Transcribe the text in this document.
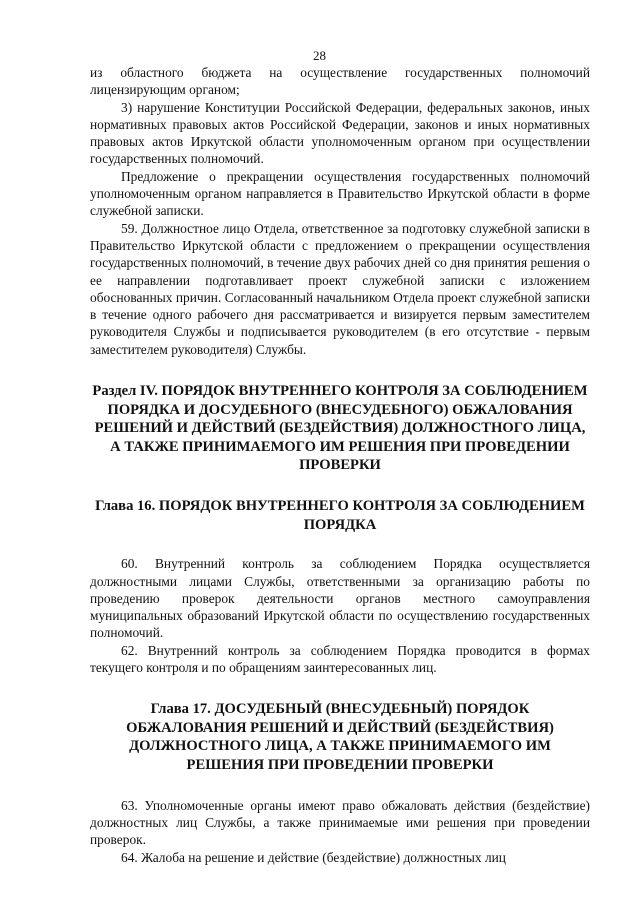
28

из областного бюджета на осуществление государственных полномочий лицензирующим органом;

3) нарушение Конституции Российской Федерации, федеральных законов, иных нормативных правовых актов Российской Федерации, законов и иных нормативных правовых актов Иркутской области уполномоченным органом при осуществлении государственных полномочий.

Предложение о прекращении осуществления государственных полномочий уполномоченным органом направляется в Правительство Иркутской области в форме служебной записки.

59. Должностное лицо Отдела, ответственное за подготовку служебной записки в Правительство Иркутской области с предложением о прекращении осуществления государственных полномочий, в течение двух рабочих дней со дня принятия решения о ее направлении подготавливает проект служебной записки с изложением обоснованных причин. Согласованный начальником Отдела проект служебной записки в течение одного рабочего дня рассматривается и визируется первым заместителем руководителя Службы и подписывается руководителем (в его отсутствие - первым заместителем руководителя) Службы.

Раздел IV. ПОРЯДОК ВНУТРЕННЕГО КОНТРОЛЯ ЗА СОБЛЮДЕНИЕМ ПОРЯДКА И ДОСУДЕБНОГО (ВНЕСУДЕБНОГО) ОБЖАЛОВАНИЯ РЕШЕНИЙ И ДЕЙСТВИЙ (БЕЗДЕЙСТВИЯ) ДОЛЖНОСТНОГО ЛИЦА, А ТАКЖЕ ПРИНИМАЕМОГО ИМ РЕШЕНИЯ ПРИ ПРОВЕДЕНИИ ПРОВЕРКИ
Глава 16. ПОРЯДОК ВНУТРЕННЕГО КОНТРОЛЯ ЗА СОБЛЮДЕНИЕМ ПОРЯДКА

60. Внутренний контроль за соблюдением Порядка осуществляется должностными лицами Службы, ответственными за организацию работы по проведению проверок деятельности органов местного самоуправления муниципальных образований Иркутской области по осуществлению государственных полномочий.

62. Внутренний контроль за соблюдением Порядка проводится в формах текущего контроля и по обращениям заинтересованных лиц.

Глава 17. ДОСУДЕБНЫЙ (ВНЕСУДЕБНЫЙ) ПОРЯДОК ОБЖАЛОВАНИЯ РЕШЕНИЙ И ДЕЙСТВИЙ (БЕЗДЕЙСТВИЯ) ДОЛЖНОСТНОГО ЛИЦА, А ТАКЖЕ ПРИНИМАЕМОГО ИМ РЕШЕНИЯ ПРИ ПРОВЕДЕНИИ ПРОВЕРКИ

63. Уполномоченные органы имеют право обжаловать действия (бездействие) должностных лиц Службы, а также принимаемые ими решения при проведении проверок.

64. Жалоба на решение и действие (бездействие) должностных лиц
